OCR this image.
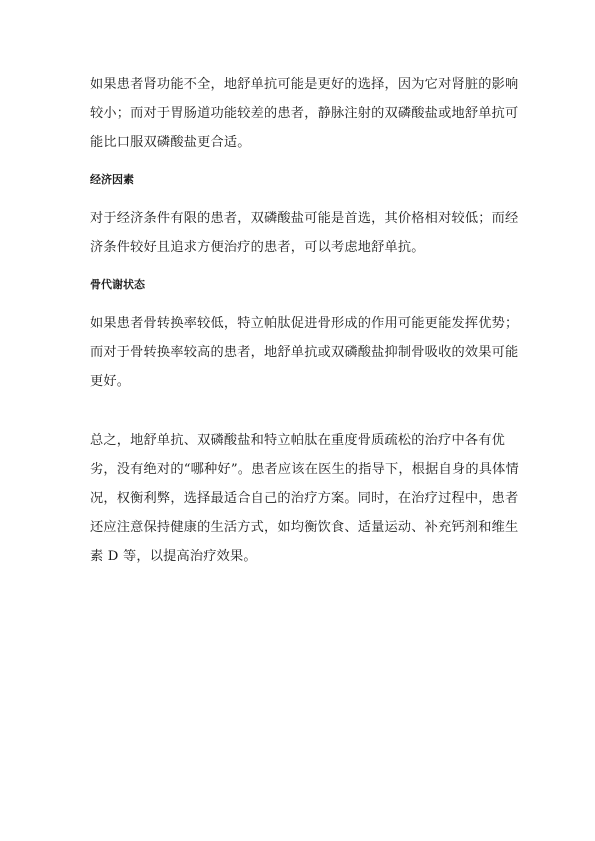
如果患者肾功能不全，地舒单抗可能是更好的选择，因为它对肾脏的影响较小；而对于胃肠道功能较差的患者，静脉注射的双磷酸盐或地舒单抗可能比口服双磷酸盐更合适。

经济因素

对于经济条件有限的患者，双磷酸盐可能是首选，其价格相对较低；而经济条件较好且追求方便治疗的患者，可以考虑地舒单抗。

骨代谢状态

如果患者骨转换率较低，特立帕肽促进骨形成的作用可能更能发挥优势；而对于骨转换率较高的患者，地舒单抗或双磷酸盐抑制骨吸收的效果可能更好。

总之，地舒单抗、双磷酸盐和特立帕肽在重度骨质疏松的治疗中各有优劣，没有绝对的“哪种好”。患者应该在医生的指导下，根据自身的具体情况，权衡利弊，选择最适合自己的治疗方案。同时，在治疗过程中，患者还应注意保持健康的生活方式，如均衡饮食、适量运动、补充钙剂和维生素 D 等，以提高治疗效果。
